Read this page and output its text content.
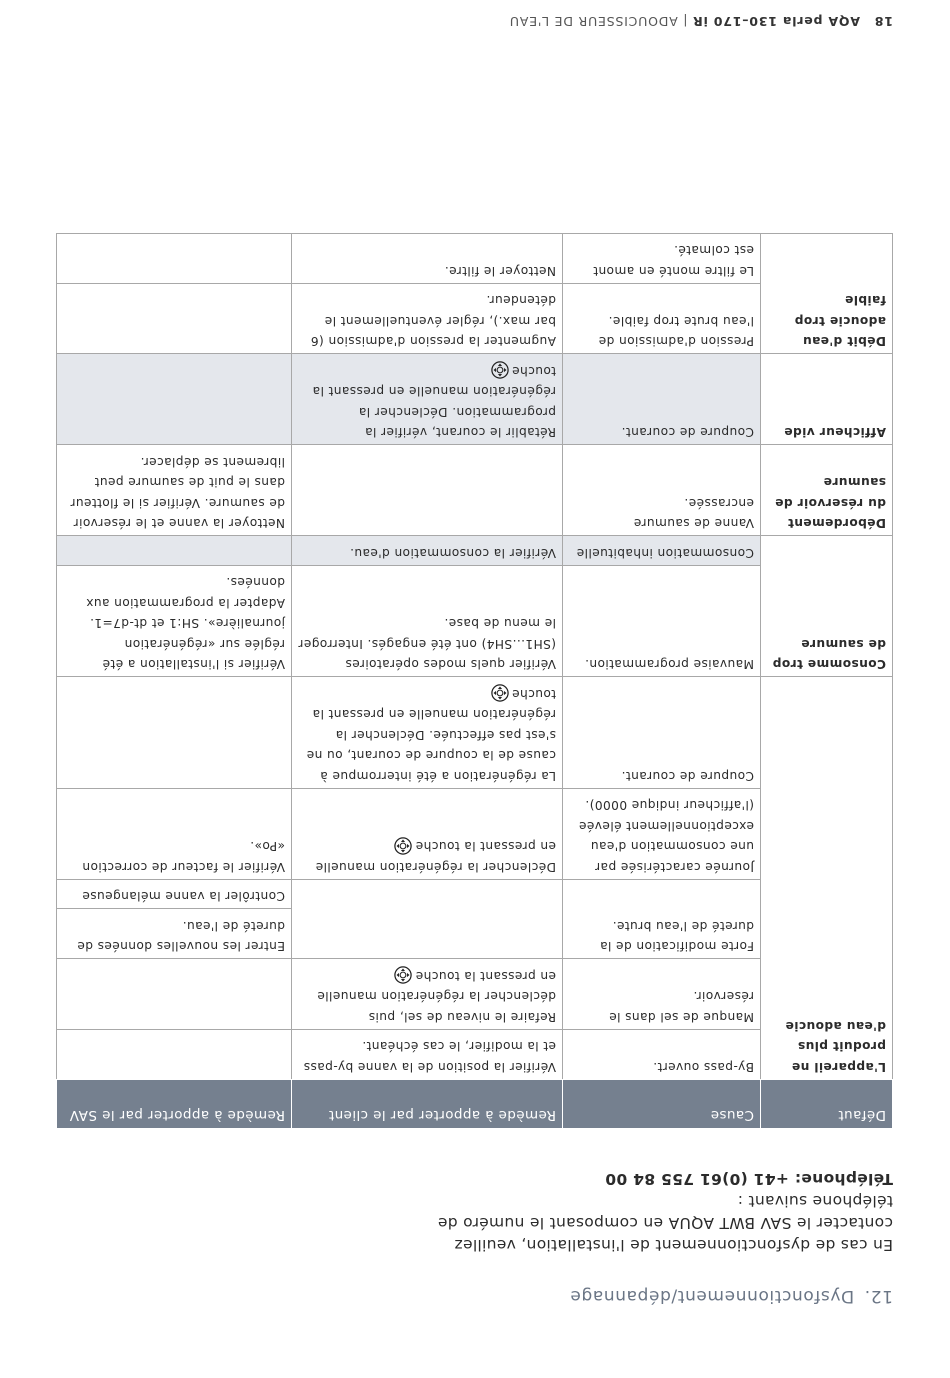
12.Dysfonctionnement/dépannage
En cas de dysfonctionnement de l'installation, veuillez contacter le SAV BWT AQUA en composant le numéro de téléphone suivant :
Téléphone: +41 (0)61 755 84 00
Défaut	Cause	Remède à apporter par le client	Remède à apporter par le SAV
L'appareil ne produit plus d'eau adoucie	By-pass ouvert.	Vérifier la position de la vanne by-pass et la modifier, le cas échéant.	
	Manque de sel dans le réservoir.	Refaire le niveau de sel, puis déclencher la régénération manuelle en pressant la touche	
	Forte modification de la dureté de l'eau brute.		Entrer les nouvelles données de dureté de l'eau.
			Contrôler la vanne mélangeuse
	Journée caractérisée par une consommation d'eau exceptionnellement élevée (l'afficheur indique 0000).	Déclencher la régénération manuelle en pressant la touche	Vérifier le facteur de correction «Po».
	Coupure de courant.	La régénération a été interrompue à cause de la coupure de courant, ou ne s'est pas effectuée. Déclencher la régénération manuelle en pressant la touche	
Consomme trop de saumure	Mauvaise programmation.	Vérifier quels modes opératoires (SH1...SH4) ont été engagés. Interroger le menu de base.	Vérifier si l'installation a été réglée sur «régénération journalière». SH:1 et dt-d7=1. Adapter la programmation aux données.
	Consommation inhabituelle	Vérifier la consommation d'eau.	
Débordement du réservoir de saumure	Vanne de saumure encrassée.		Nettoyer la vanne et le réservoir de saumure. Vérifier si le flotteur dans le puit de saumure peut librement se déplacer.
Afficheur vide	Coupure de courant.	Rétablir le courant, vérifier la programmation. Déclencher la régénération manuelle en pressant la touche	
Débit d'eau adoucie trop faible	Pression d'admission de l'eau brute trop faible.	Augmenter la pression d'admission (6 bar max.), régler éventuellement le détendeur.	
	Le filtre monté en amont est colmaté.	Nettoyer le filtre.	
18AQA perla 130–170 iR | ADOUCISSEUR DE L'EAU
